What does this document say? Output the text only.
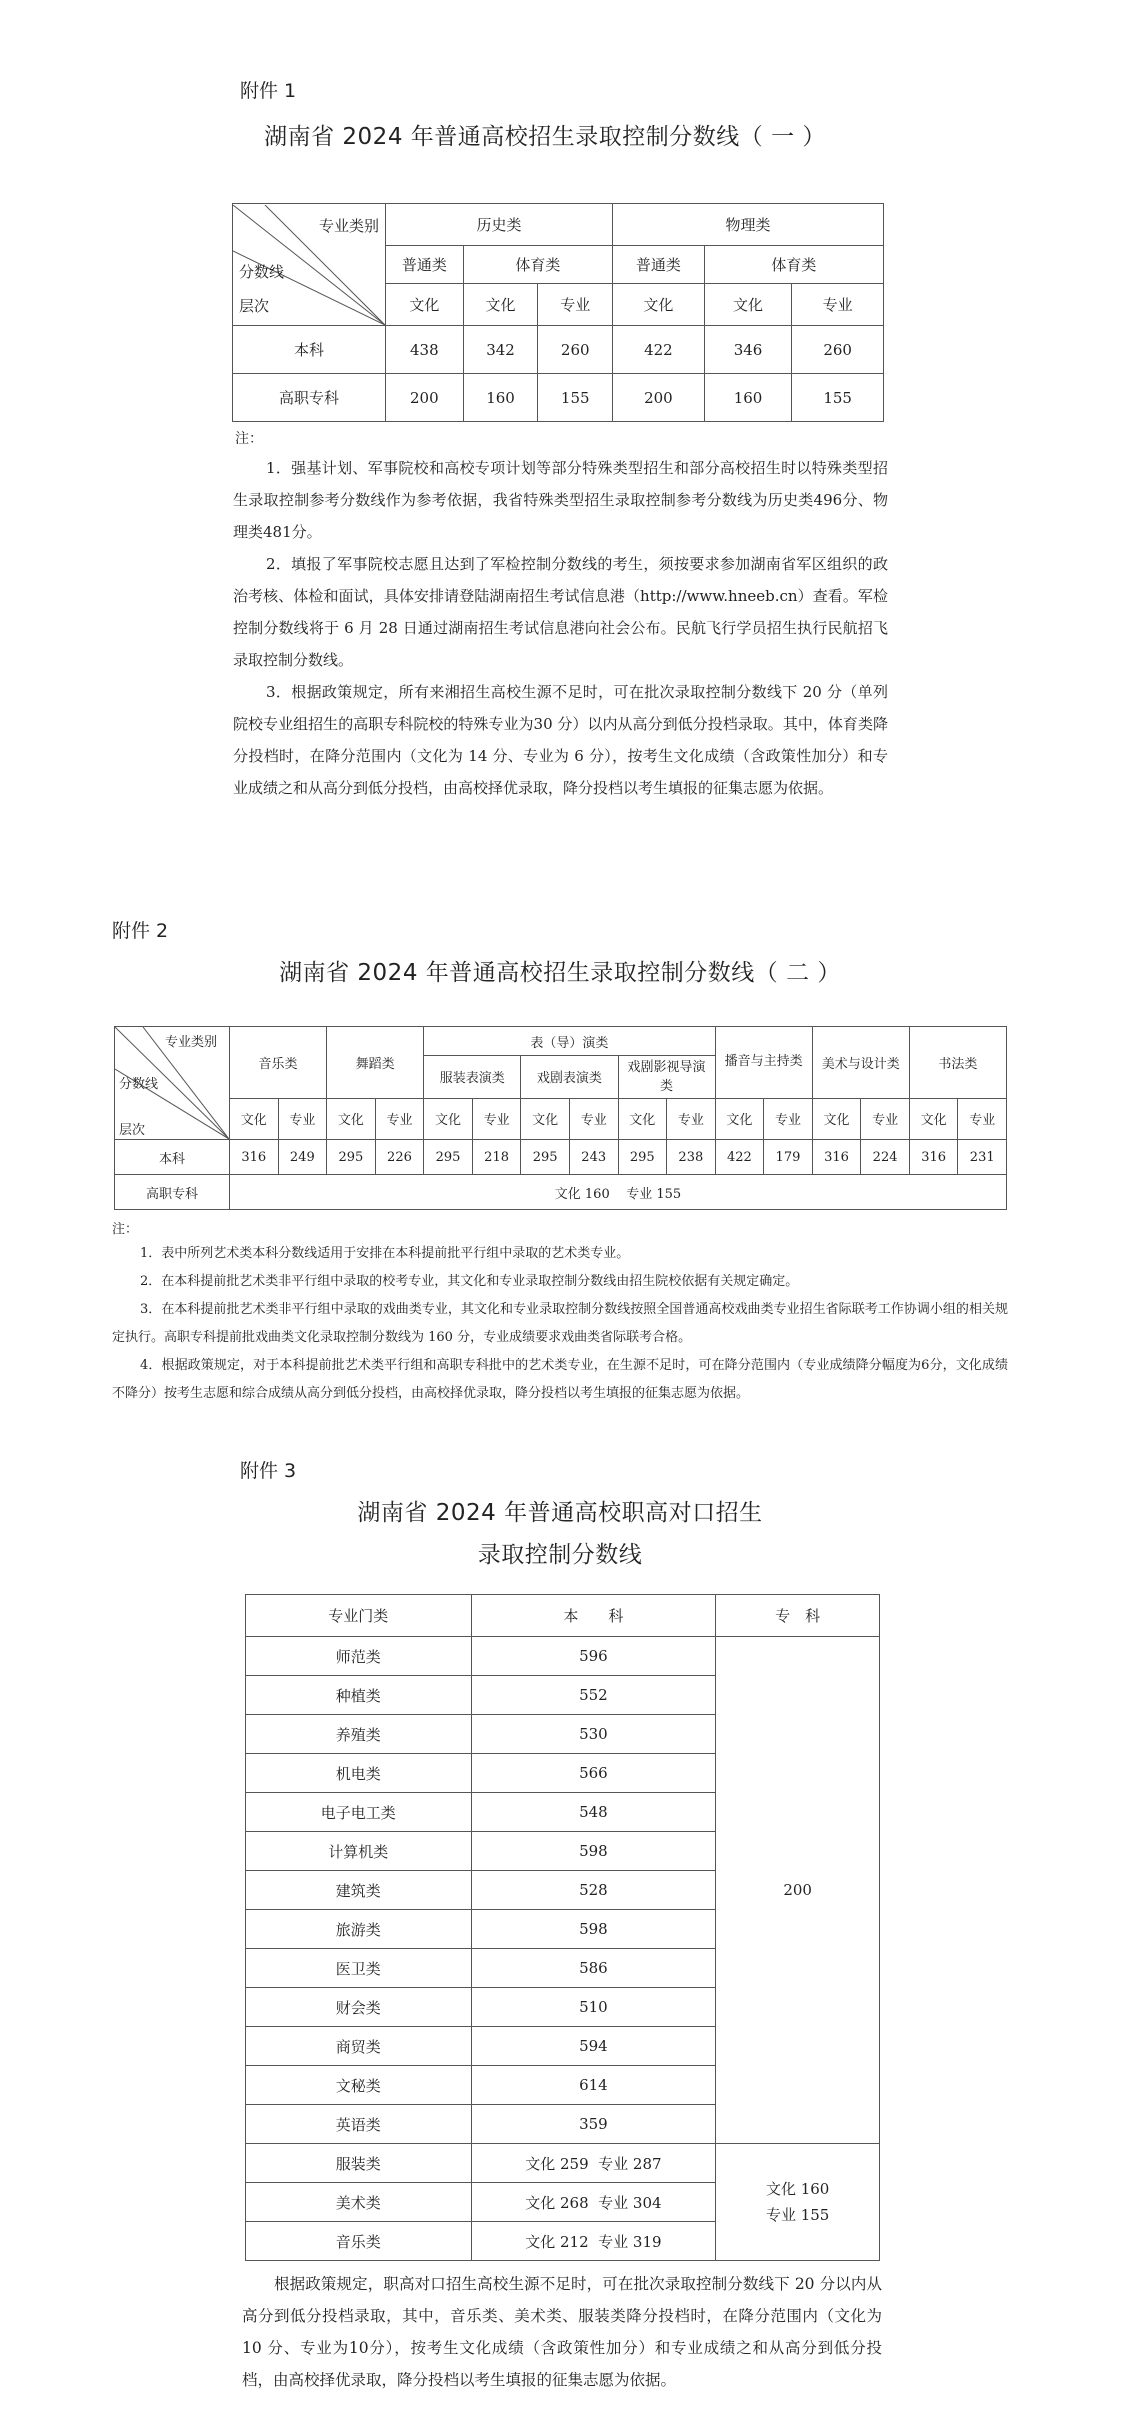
附件 1
湖南省 2024 年普通高校招生录取控制分数线（ 一 ）
专业类别
分数线
层次	历史类			物理类		
	普通类	体育类		普通类	体育类	
	文化	文化	专业	文化	文化	专业
本科	438	342	260	422	346	260
高职专科	200	160	155	200	160	155
注：

1．强基计划、军事院校和高校专项计划等部分特殊类型招生和部分高校招生时以特殊类型招生录取控制参考分数线作为参考依据，我省特殊类型招生录取控制参考分数线为历史类496分、物理类481分。

2．填报了军事院校志愿且达到了军检控制分数线的考生，须按要求参加湖南省军区组织的政治考核、体检和面试，具体安排请登陆湖南招生考试信息港（http://www.hneeb.cn）查看。军检控制分数线将于 6 月 28 日通过湖南招生考试信息港向社会公布。民航飞行学员招生执行民航招飞录取控制分数线。

3．根据政策规定，所有来湘招生高校生源不足时，可在批次录取控制分数线下 20 分（单列院校专业组招生的高职专科院校的特殊专业为30 分）以内从高分到低分投档录取。其中，体育类降分投档时，在降分范围内（文化为 14 分、专业为 6 分），按考生文化成绩（含政策性加分）和专业成绩之和从高分到低分投档，由高校择优录取，降分投档以考生填报的征集志愿为依据。

附件 2
湖南省 2024 年普通高校招生录取控制分数线（ 二 ）
专业类别
分数线
层次	音乐类		舞蹈类		表（导）演类						播音与主持类		美术与设计类		书法类	
					服装表演类		戏剧表演类		戏剧影视导演类							
	文化	专业	文化	专业	文化	专业	文化	专业	文化	专业	文化	专业	文化	专业	文化	专业
本科	316	249	295	226	295	218	295	243	295	238	422	179	316	224	316	231
高职专科	文化 160    专业 155															
注：

1．表中所列艺术类本科分数线适用于安排在本科提前批平行组中录取的艺术类专业。

2．在本科提前批艺术类非平行组中录取的校考专业，其文化和专业录取控制分数线由招生院校依据有关规定确定。

3．在本科提前批艺术类非平行组中录取的戏曲类专业，其文化和专业录取控制分数线按照全国普通高校戏曲类专业招生省际联考工作协调小组的相关规定执行。高职专科提前批戏曲类文化录取控制分数线为 160 分，专业成绩要求戏曲类省际联考合格。

4．根据政策规定，对于本科提前批艺术类平行组和高职专科批中的艺术类专业，在生源不足时，可在降分范围内（专业成绩降分幅度为6分，文化成绩不降分）按考生志愿和综合成绩从高分到低分投档，由高校择优录取，降分投档以考生填报的征集志愿为依据。

附件 3
湖南省 2024 年普通高校职高对口招生
录取控制分数线
专业门类	本　　科	专　科
师范类	596	200
种植类	552	
养殖类	530	
机电类	566	
电子电工类	548	
计算机类	598	
建筑类	528	
旅游类	598	
医卫类	586	
财会类	510	
商贸类	594	
文秘类	614	
英语类	359	
服装类	文化 259  专业 287	文化 160
专业 155

美术类	文化 268  专业 304	
音乐类	文化 212  专业 319	
根据政策规定，职高对口招生高校生源不足时，可在批次录取控制分数线下 20 分以内从高分到低分投档录取，其中，音乐类、美术类、服装类降分投档时，在降分范围内（文化为 10 分、专业为10分），按考生文化成绩（含政策性加分）和专业成绩之和从高分到低分投档，由高校择优录取，降分投档以考生填报的征集志愿为依据。
